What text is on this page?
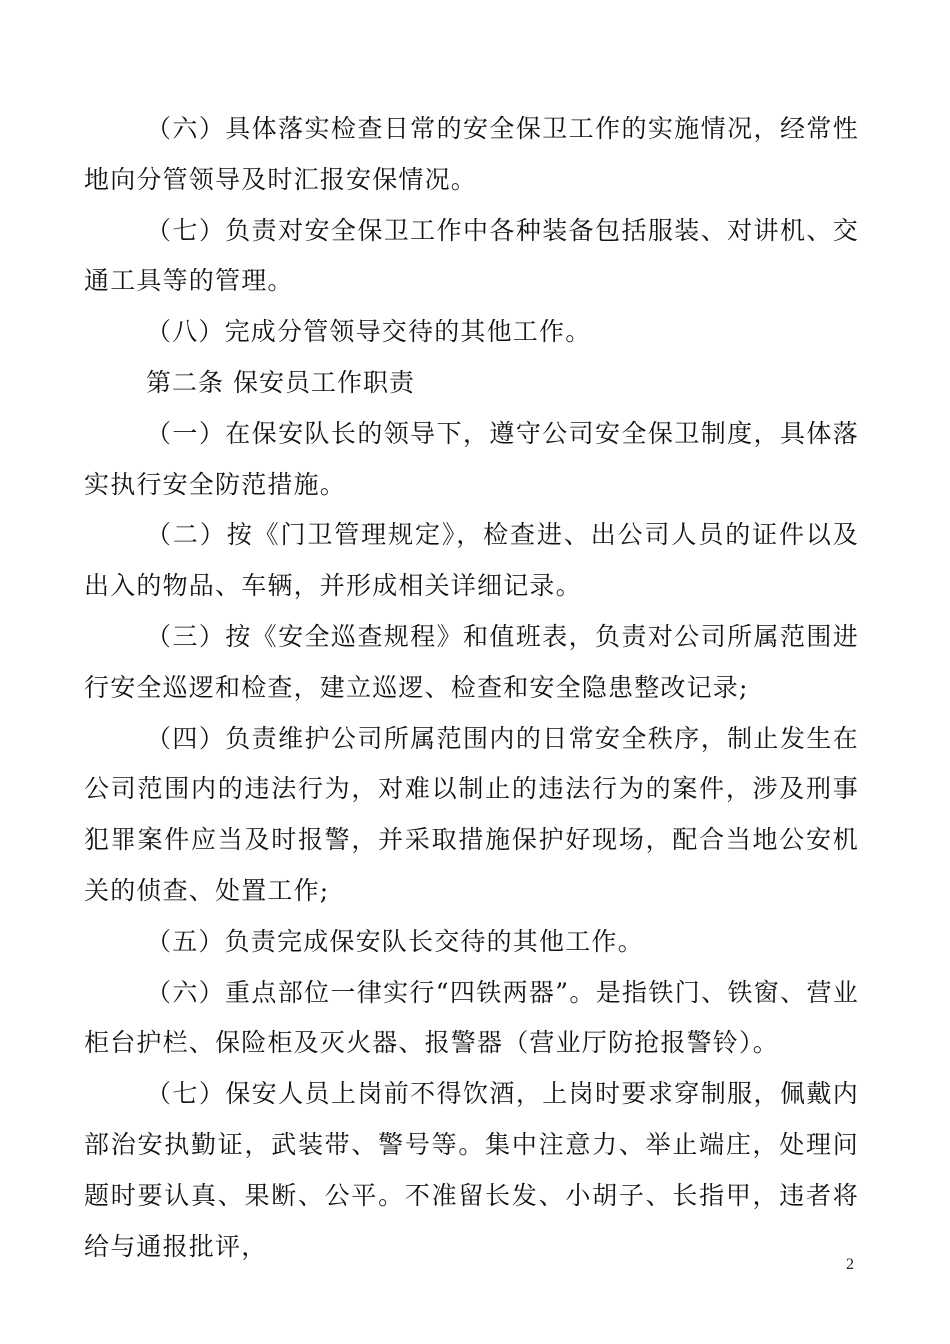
（六）具体落实检查日常的安全保卫工作的实施情况，经常性地向分管领导及时汇报安保情况。

（七）负责对安全保卫工作中各种装备包括服装、对讲机、交通工具等的管理。

（八）完成分管领导交待的其他工作。

第二条 保安员工作职责

（一）在保安队长的领导下，遵守公司安全保卫制度，具体落实执行安全防范措施。

（二）按《门卫管理规定》，检查进、出公司人员的证件以及出入的物品、车辆，并形成相关详细记录。

（三）按《安全巡查规程》和值班表，负责对公司所属范围进行安全巡逻和检查，建立巡逻、检查和安全隐患整改记录;

（四）负责维护公司所属范围内的日常安全秩序，制止发生在公司范围内的违法行为，对难以制止的违法行为的案件，涉及刑事犯罪案件应当及时报警，并采取措施保护好现场，配合当地公安机关的侦查、处置工作;

（五）负责完成保安队长交待的其他工作。

（六）重点部位一律实行“四铁两器”。是指铁门、铁窗、营业柜台护栏、保险柜及灭火器、报警器（营业厅防抢报警铃）。

（七）保安人员上岗前不得饮酒，上岗时要求穿制服，佩戴内部治安执勤证，武装带、警号等。集中注意力、举止端庄，处理问题时要认真、果断、公平。不准留长发、小胡子、长指甲，违者将给与通报批评，

2
